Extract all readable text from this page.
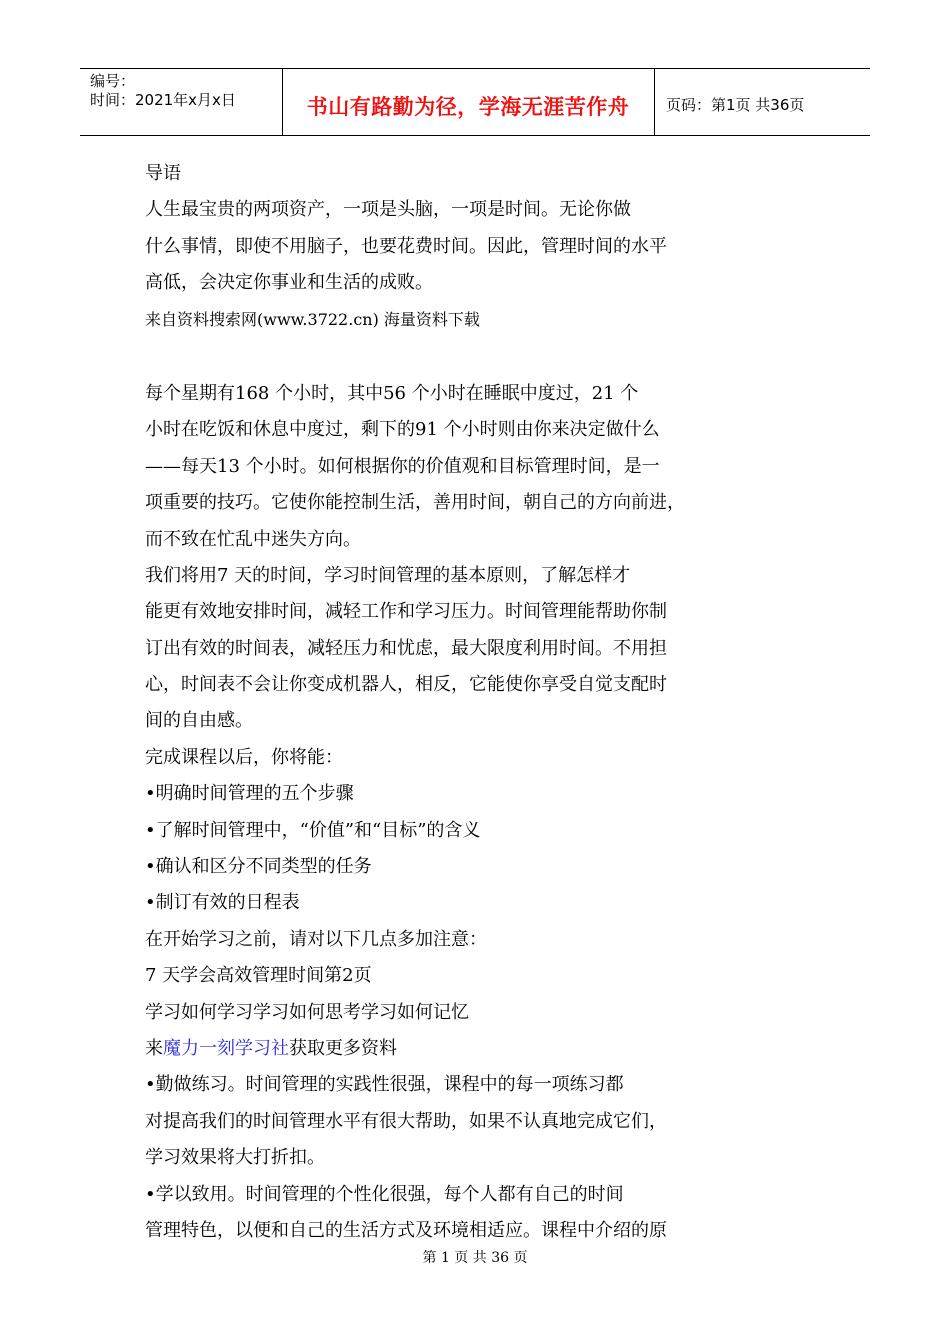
编号：
时间：2021年x月x日	书山有路勤为径，学海无涯苦作舟	页码：第1页 共36页
导语
人生最宝贵的两项资产，一项是头脑，一项是时间。无论你做
什么事情，即使不用脑子，也要花费时间。因此，管理时间的水平
高低，会决定你事业和生活的成败。
来自资料搜索网(www.3722.cn) 海量资料下载
每个星期有168 个小时，其中56 个小时在睡眠中度过，21 个
小时在吃饭和休息中度过，剩下的91 个小时则由你来决定做什么
——每天13 个小时。如何根据你的价值观和目标管理时间，是一
项重要的技巧。它使你能控制生活，善用时间，朝自己的方向前进，
而不致在忙乱中迷失方向。
我们将用7 天的时间，学习时间管理的基本原则，了解怎样才
能更有效地安排时间，减轻工作和学习压力。时间管理能帮助你制
订出有效的时间表，减轻压力和忧虑，最大限度利用时间。不用担
心，时间表不会让你变成机器人，相反，它能使你享受自觉支配时
间的自由感。
完成课程以后，你将能：
•明确时间管理的五个步骤
•了解时间管理中，“价值”和“目标”的含义
•确认和区分不同类型的任务
•制订有效的日程表
在开始学习之前，请对以下几点多加注意：
7 天学会高效管理时间第2页
学习如何学习学习如何思考学习如何记忆
来魔力一刻学习社获取更多资料
•勤做练习。时间管理的实践性很强，课程中的每一项练习都
对提高我们的时间管理水平有很大帮助，如果不认真地完成它们，
学习效果将大打折扣。
•学以致用。时间管理的个性化很强，每个人都有自己的时间
管理特色，以便和自己的生活方式及环境相适应。课程中介绍的原
第 1 页 共 36 页
